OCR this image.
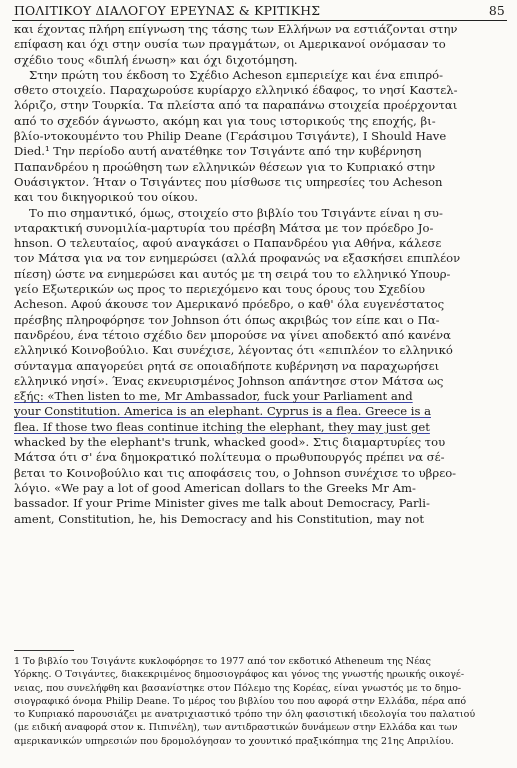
ΠΟΛΙΤΙΚΟΥ ΔΙΑΛΟΓΟΥ ΕΡΕΥΝΑΣ & ΚΡΙΤΙΚΗΣ	85
και έχοντας πλήρη επίγνωση της τάσης των Ελλήνων να εστιάζονται στην
επίφαση και όχι στην ουσία των πραγμάτων, οι Αμερικανοί ονόμασαν το
σχέδιο τους «διπλή ένωση» και όχι διχοτόμηση.
Στην πρώτη του έκδοση το Σχέδιο Acheson εμπεριείχε και ένα επιπρό-
σθετο στοιχείο. Παραχωρούσε κυρίαρχο ελληνικό έδαφος, το νησί Καστελ-
λόριζο, στην Τουρκία. Τα πλείστα από τα παραπάνω στοιχεία προέρχονται
από το σχεδόν άγνωστο, ακόμη και για τους ιστορικούς της εποχής, βι-
βλίο-ντοκουμέντο του Philip Deane (Γεράσιμου Τσιγάντε), I Should Have
Died.¹ Την περίοδο αυτή ανατέθηκε τον Τσιγάντε από την κυβέρνηση
Παπανδρέου η προώθηση των ελληνικών θέσεων για το Κυπριακό στην
Ουάσιγκτον. Ήταν ο Τσιγάντες που μίσθωσε τις υπηρεσίες του Acheson
και του δικηγορικού του οίκου.
Το πιο σημαντικό, όμως, στοιχείο στο βιβλίο του Τσιγάντε είναι η συ-
νταρακτική συνομιλία-μαρτυρία του πρέσβη Μάτσα με τον πρόεδρο Jo-
hnson. Ο τελευταίος, αφού αναγκάσει ο Παπανδρέου για Αθήνα, κάλεσε
τον Μάτσα για να τον ενημερώσει (αλλά προφανώς να εξασκήσει επιπλέον
πίεση) ώστε να ενημερώσει και αυτός με τη σειρά του το ελληνικό Υπουρ-
γείο Εξωτερικών ως προς το περιεχόμενο και τους όρους του Σχεδίου
Acheson. Αφού άκουσε τον Αμερικανό πρόεδρο, ο καθ' όλα ευγενέστατος
πρέσβης πληροφόρησε τον Johnson ότι όπως ακριβώς τον είπε και ο Πα-
πανδρέου, ένα τέτοιο σχέδιο δεν μπορούσε να γίνει αποδεκτό από κανένα
ελληνικό Κοινοβούλιο. Και συνέχισε, λέγοντας ότι «επιπλέον το ελληνικό
σύνταγμα απαγορεύει ρητά σε οποιαδήποτε κυβέρνηση να παραχωρήσει
ελληνικό νησί». Ένας εκνευρισμένος Johnson απάντησε στον Μάτσα ως
εξής: «Then listen to me, Mr Ambassador, fuck your Parliament and
your Constitution. America is an elephant. Cyprus is a flea. Greece is a
flea. If those two fleas continue itching the elephant, they may just get
whacked by the elephant's trunk, whacked good». Στις διαμαρτυρίες του
Μάτσα ότι σ' ένα δημοκρατικό πολίτευμα ο πρωθυπουργός πρέπει να σέ-
βεται το Κοινοβούλιο και τις αποφάσεις του, ο Johnson συνέχισε το υβρεο-
λόγιο. «We pay a lot of good American dollars to the Greeks Mr Am-
bassador. If your Prime Minister gives me talk about Democracy, Parli-
ament, Constitution, he, his Democracy and his Constitution, may not
1 Το βιβλίο του Τσιγάντε κυκλοφόρησε το 1977 από τον εκδοτικό Atheneum της Νέας
Υόρκης. Ο Τσιγάντες, διακεκριμένος δημοσιογράφος και γόνος της γνωστής ηρωικής οικογέ-
νειας, που συνελήφθη και βασανίστηκε στον Πόλεμο της Κορέας, είναι γνωστός με το δημο-
σιογραφικό όνομα Philip Deane. Το μέρος του βιβλίου του που αφορά στην Ελλάδα, πέρα από
το Κυπριακό παρουσιάζει με ανατριχιαστικό τρόπο την όλη φασιστική ιδεολογία του παλατιού
(με ειδική αναφορά στον κ. Πιπινέλη), των αντιδραστικών δυνάμεων στην Ελλάδα και των
αμερικανικών υπηρεσιών που δρομολόγησαν το χουντικό πραξικόπημα της 21ης Απριλίου.
